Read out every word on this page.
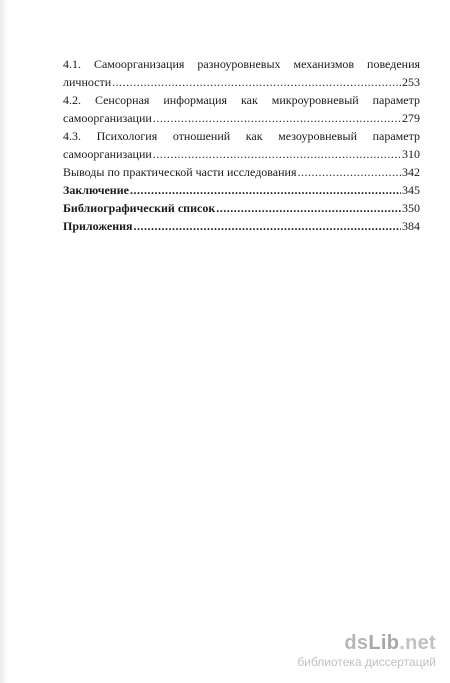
4.1. Самоорганизация разноуровневых механизмов поведения
личности .....	253
4.2. Сенсорная информация как микроуровневый параметр
самоорганизации .....	279
4.3. Психология отношений как мезоуровневый параметр
самоорганизации .....	310
Выводы по практической части исследования .....	342
Заключение .....	345
Библиографический список .....	350
Приложения .....	384
dsLib.net
библиотека диссертаций
